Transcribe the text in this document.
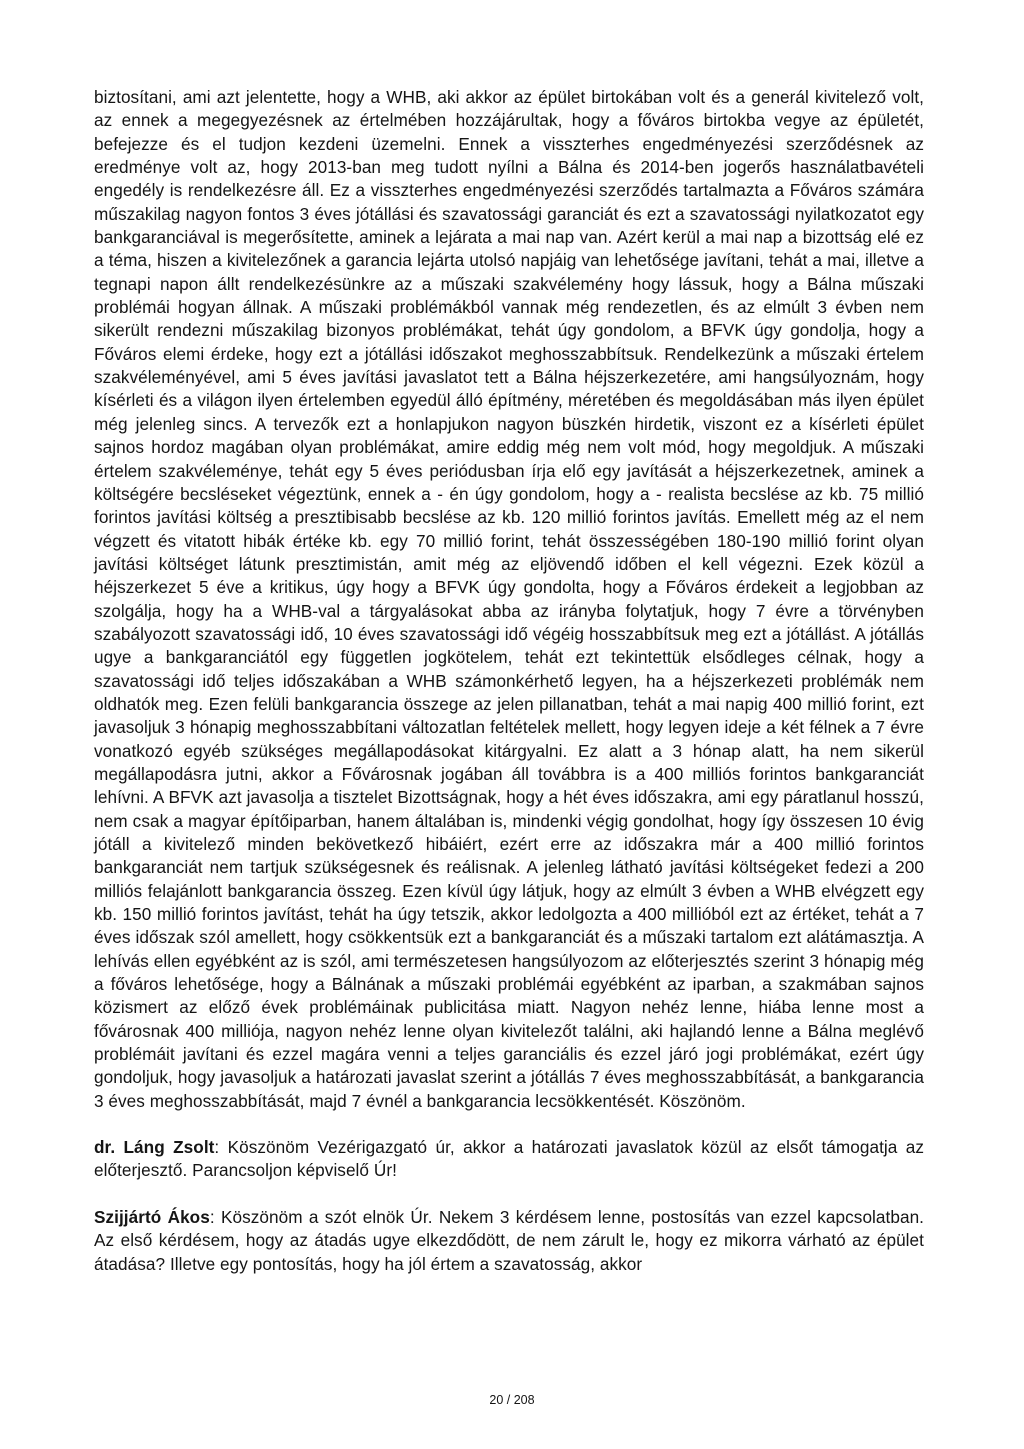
biztosítani, ami azt jelentette, hogy a WHB, aki akkor az épület birtokában volt és a generál kivitelező volt, az ennek a megegyezésnek az értelmében hozzájárultak, hogy a főváros birtokba vegye az épületét, befejezze és el tudjon kezdeni üzemelni. Ennek a visszterhes engedményezési szerződésnek az eredménye volt az, hogy 2013-ban meg tudott nyílni a Bálna és 2014-ben jogerős használatbavételi engedély is rendelkezésre áll. Ez a visszterhes engedményezési szerződés tartalmazta a Főváros számára műszakilag nagyon fontos 3 éves jótállási és szavatossági garanciát és ezt a szavatossági nyilatkozatot egy bankgaranciával is megerősítette, aminek a lejárata a mai nap van. Azért kerül a mai nap a bizottság elé ez a téma, hiszen a kivitelezőnek a garancia lejárta utolsó napjáig van lehetősége javítani, tehát a mai, illetve a tegnapi napon állt rendelkezésünkre az a műszaki szakvélemény hogy lássuk, hogy a Bálna műszaki problémái hogyan állnak. A műszaki problémákból vannak még rendezetlen, és az elmúlt 3 évben nem sikerült rendezni műszakilag bizonyos problémákat, tehát úgy gondolom, a BFVK úgy gondolja, hogy a Főváros elemi érdeke, hogy ezt a jótállási időszakot meghosszabbítsuk. Rendelkezünk a műszaki értelem szakvéleményével, ami 5 éves javítási javaslatot tett a Bálna héjszerkezetére, ami hangsúlyoznám, hogy kísérleti és a világon ilyen értelemben egyedül álló építmény, méretében és megoldásában más ilyen épület még jelenleg sincs. A tervezők ezt a honlapjukon nagyon büszkén hirdetik, viszont ez a kísérleti épület sajnos hordoz magában olyan problémákat, amire eddig még nem volt mód, hogy megoldjuk. A műszaki értelem szakvéleménye, tehát egy 5 éves periódusban írja elő egy javítását a héjszerkezetnek, aminek a költségére becsléseket végeztünk, ennek a - én úgy gondolom, hogy a - realista becslése az kb. 75 millió forintos javítási költség a presztibisabb becslése az kb. 120 millió forintos javítás. Emellett még az el nem végzett és vitatott hibák értéke kb. egy 70 millió forint, tehát összességében 180-190 millió forint olyan javítási költséget látunk presztimistán, amit még az eljövendő időben el kell végezni. Ezek közül a héjszerkezet 5 éve a kritikus, úgy hogy a BFVK úgy gondolta, hogy a Főváros érdekeit a legjobban az szolgálja, hogy ha a WHB-val a tárgyalásokat abba az irányba folytatjuk, hogy 7 évre a törvényben szabályozott szavatossági idő, 10 éves szavatossági idő végéig hosszabbítsuk meg ezt a jótállást. A jótállás ugye a bankgaranciától egy független jogkötelem, tehát ezt tekintettük elsődleges célnak, hogy a szavatossági idő teljes időszakában a WHB számonkérhető legyen, ha a héjszerkezeti problémák nem oldhatók meg. Ezen felüli bankgarancia összege az jelen pillanatban, tehát a mai napig 400 millió forint, ezt javasoljuk 3 hónapig meghosszabbítani változatlan feltételek mellett, hogy legyen ideje a két félnek a 7 évre vonatkozó egyéb szükséges megállapodásokat kitárgyalni. Ez alatt a 3 hónap alatt, ha nem sikerül megállapodásra jutni, akkor a Fővárosnak jogában áll továbbra is a 400 milliós forintos bankgaranciát lehívni. A BFVK azt javasolja a tisztelet Bizottságnak, hogy a hét éves időszakra, ami egy páratlanul hosszú, nem csak a magyar építőiparban, hanem általában is, mindenki végig gondolhat, hogy így összesen 10 évig jótáll a kivitelező minden bekövetkező hibáiért, ezért erre az időszakra már a 400 millió forintos bankgaranciát nem tartjuk szükségesnek és reálisnak. A jelenleg látható javítási költségeket fedezi a 200 milliós felajánlott bankgarancia összeg. Ezen kívül úgy látjuk, hogy az elmúlt 3 évben a WHB elvégzett egy kb. 150 millió forintos javítást, tehát ha úgy tetszik, akkor ledolgozta a 400 millióból ezt az értéket, tehát a 7 éves időszak szól amellett, hogy csökkentsük ezt a bankgaranciát és a műszaki tartalom ezt alátámasztja. A lehívás ellen egyébként az is szól, ami természetesen hangsúlyozom az előterjesztés szerint 3 hónapig még a főváros lehetősége, hogy a Bálnának a műszaki problémái egyébként az iparban, a szakmában sajnos közismert az előző évek problémáinak publicitása miatt. Nagyon nehéz lenne, hiába lenne most a fővárosnak 400 milliója, nagyon nehéz lenne olyan kivitelezőt találni, aki hajlandó lenne a Bálna meglévő problémáit javítani és ezzel magára venni a teljes garanciális és ezzel járó jogi problémákat, ezért úgy gondoljuk, hogy javasoljuk a határozati javaslat szerint a jótállás 7 éves meghosszabbítását, a bankgarancia 3 éves meghosszabbítását, majd 7 évnél a bankgarancia lecsökkentését. Köszönöm.

dr. Láng Zsolt: Köszönöm Vezérigazgató úr, akkor a határozati javaslatok közül az elsőt támogatja az előterjesztő. Parancsoljon képviselő Úr!

Szijjártó Ákos: Köszönöm a szót elnök Úr. Nekem 3 kérdésem lenne, postosítás van ezzel kapcsolatban. Az első kérdésem, hogy az átadás ugye elkezdődött, de nem zárult le, hogy ez mikorra várható az épület átadása? Illetve egy pontosítás, hogy ha jól értem a szavatosság, akkor

20 / 208
